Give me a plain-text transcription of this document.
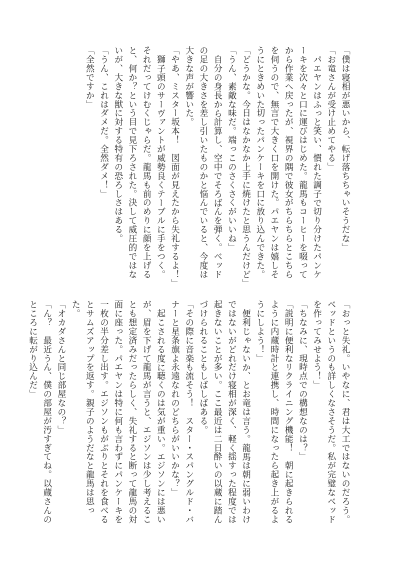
「僕は寝相が悪いから、転げ落ちちゃいそうだな」

「お竜さんが受け止めてやる」

パエヤンはふっと笑い、慣れた調子で切り分けたパンケーキを次々と口に運びはじめた。龍馬もコーヒーを啜ってから作業へ戻ったが、視界の隅で彼女がちらちらとこちらを伺うので、無言で大きく口を開けた。パエヤンは嬉しそうにときめいた切ったパンケーキを口に放り込んできた。

「どうかな。今日はなかなか上手に焼けたと思うんだけど」

「うん、素敵な味だ。端っこのさくさくがいいね」

自分の身長から計算し、空中でそろばんを弾く。ベッドの足の大きさを差し引いたものかと悩んでいると、今度は大きな声が響いた。

「やあ、ミスター坂本！　図面が見えたから失礼するよ！」

獅子頭のサーヴァントが威勢良くテーブルに手をつく。それだってけむくじゃらだ。龍馬も前のめりに顔を上げると、何か？という目で見下ろされた。決して威圧的ではないが、大きな獣に対する特有の恐ろしさはある。

「うん、これはダメだ。全然ダメ！」

「全然ですか」

「おっと失礼。いやなに、君は大工ではないのだろう。ベッドというのも詳しくなさそうだ。私が完璧なベッドを作ってみせよう！」

「ちなみに、現時点での構想なのは？」

「説明に便利なリクライニング機能！　朝に起きられるように内蔵時計と連携し、時間になったら起き上がるようにしよう！」

便利じゃないか、とお竜は言う。龍馬は朝に弱いわけではないがどれだけ寝相が深く、軽く揺すった程度では起きないことが多い。ここ最近は二日酔いの以蔵に踏んづけられることもしばしばある。

「その際に音楽も流そう！　スター・スパングルド・バナーと星条旗よ永遠なれのどちらがいいかな？」

起こされる度に聴くのは気が重い。エジソンには悪いが、眉を下げて龍馬が言うと、エジソンは少し考えることも想定済みだったらしく、失礼すると断って龍馬の対面に座った。パエヤンは特に何も言わずにパンケーキを一枚の半分差し出す。エジソンもがぶりとそれを食べるとサムズアップを返す。親子のようだなと龍馬は思った。

「オカダさんと同じ部屋なの？」

「ん？　最近うん、僕の部屋が汚すぎてね。以蔵さんのところに転がり込んだ」
